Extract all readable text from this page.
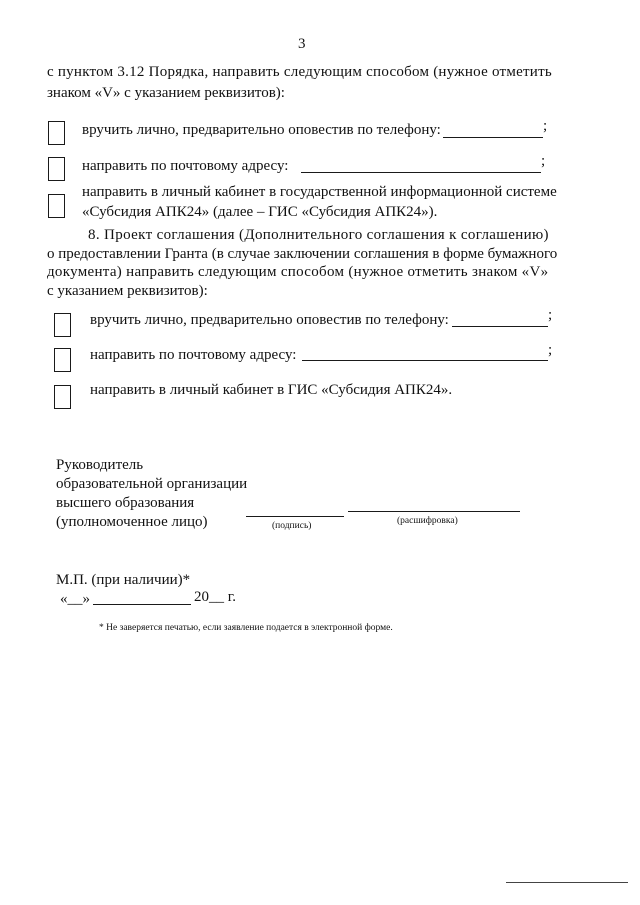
3
с пунктом 3.12 Порядка, направить следующим способом (нужное отметить
знаком «V» с указанием реквизитов):
вручить лично, предварительно оповестив по телефону:	;
направить по почтовому адресу:	;
направить в личный кабинет в государственной информационной системе
«Субсидия АПК24» (далее – ГИС «Субсидия АПК24»).
8. Проект соглашения (Дополнительного соглашения к соглашению)
о предоставлении Гранта (в случае заключении соглашения в форме бумажного
документа) направить следующим способом (нужное отметить знаком «V»
с указанием реквизитов):
вручить лично, предварительно оповестив по телефону:	;
направить по почтовому адресу:	;
направить в личный кабинет в ГИС «Субсидия АПК24».
Руководитель
образовательной организации
высшего образования
(уполномоченное лицо)	(подпись)	(расшифровка)
М.П. (при наличии)*
«__»	20__ г.
* Не заверяется печатью, если заявление подается в электронной форме.
